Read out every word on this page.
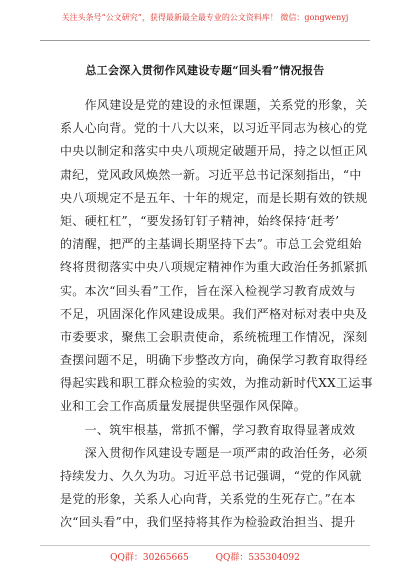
关注头条号“公文研究”，获得最新最全最专业的公文资料库！ 微信：gongwenyj
总工会深入贯彻作风建设专题“回头看”情况报告
　　作风建设是党的建设的永恒课题，关系党的形象，关
系人心向背。党的十八大以来，以习近平同志为核心的党
中央以制定和落实中央八项规定破题开局，持之以恒正风
肃纪，党风政风焕然一新。习近平总书记深刻指出，“中
央八项规定不是五年、十年的规定，而是长期有效的铁规
矩、硬杠杠”，“要发扬钉钉子精神，始终保持‘赶考’
的清醒，把严的主基调长期坚持下去”。市总工会党组始
终将贯彻落实中央八项规定精神作为重大政治任务抓紧抓
实。本次“回头看”工作，旨在深入检视学习教育成效与
不足，巩固深化作风建设成果。我们严格对标对表中央及
市委要求，聚焦工会职责使命，系统梳理工作情况，深刻
查摆问题不足，明确下步整改方向，确保学习教育取得经
得起实践和职工群众检验的实效，为推动新时代XX工运事
业和工会工作高质量发展提供坚强作风保障。
　　一、筑牢根基，常抓不懈，学习教育取得显著成效
　　深入贯彻作风建设专题是一项严肃的政治任务，必须
持续发力、久久为功。习近平总书记强调，“党的作风就
是党的形象，关系人心向背，关系党的生死存亡。”在本
次“回头看”中，我们坚持将其作为检验政治担当、提升
QQ群：30265665	QQ群：535304092
